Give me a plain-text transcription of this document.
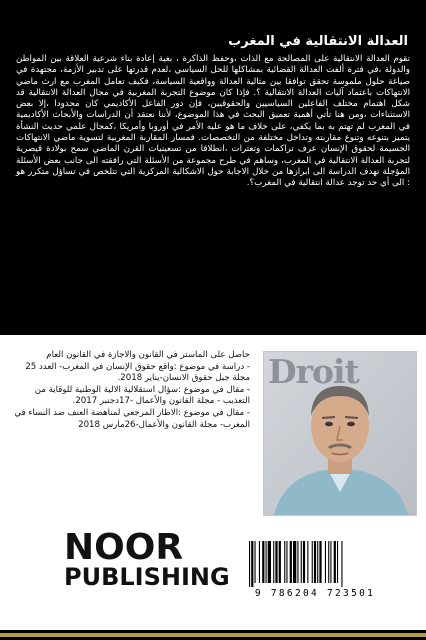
العدالة الانتقالية في المغرب

تقوم العدالة الانتقالية على المصالحة مع الذات ،وحفظ الذاكرة ، بغية إعادة بناء شرعية العلاقة بين المواطن والدولة ،في فترة ألفت العدالة القضائية بمشاكلها للحل السياسي ،لعدم قدرتها على تدبير الأزمة، مجتهدة في صياغة حلول ملموسة تحقق توافقا بين مثالية العدالة وواقعية السياسة، فكيف تعامل المغرب مع ارث ماضي الانتهاكات باعتماد آليات العدالة الانتقالية ؟. فإذا كان موضوع التجربة المغربية في مجال العدالة الانتقالية قد شكل اهتمام مختلف الفاعلين السياسيين والحقوقيين، فإن دور الفاعل الأكاديمي كان محدودا ،إلا بعض الاستثناءات ،ومن هنا تأتي أهمية تعميق البحث في هذا الموضوع، لأننا نعتقد أن الدراسات والأبحاث الأكاديمية في المغرب لم تهتم به بما يكفي، على خلاف ما هو عليه الأمر في أوروبا وأمريكا ،كمجال علمي حديث النشأة يتميز بتنوعه وتنوع مقاربته وتداخل مختلفة من التخصصات. فمسار المقاربة المغربية لتسوية ماضي الانتهاكات الجسيمة لحقوق الإنسان عرف تراكمات وتعثرات ،انطلاقا من تسعينيات القرن الماضي سمح بولادة قيصرية لتجربة العدالة الانتقالية في المغرب، وساهم في طرح مجموعة من الأسئلة التي رافقته الى جانب بعض الأسئلة المؤجلة تهدف الدراسة الى ابرازها من خلال الاجابة حول الاشكالية المركزية التي تتلخص في تساؤل متكرر هو : الى أي حد توجد عدالة انتقالية في المغرب؟.

حاصل على الماستر في القانون والاجازة في القانون العام
- دراسة في موضوع :واقع حقوق الإنسان في المغرب- العدد 25 مجلة جيل حقوق الانسان-يناير 2018.
- مقال في موضوع :سؤال استقلالية الالية الوطنية للوقاية من التعذيب - مجلة القانون والأعمال -17دجنبر 2017.
- مقال في موضوع :الاطار المرجعي لمناهضة العنف ضد النساء في المغرب- مجلة القانون والأعمال-26مارس 2018
Droit
NOOR
PUBLISHING
9 786204 723501
